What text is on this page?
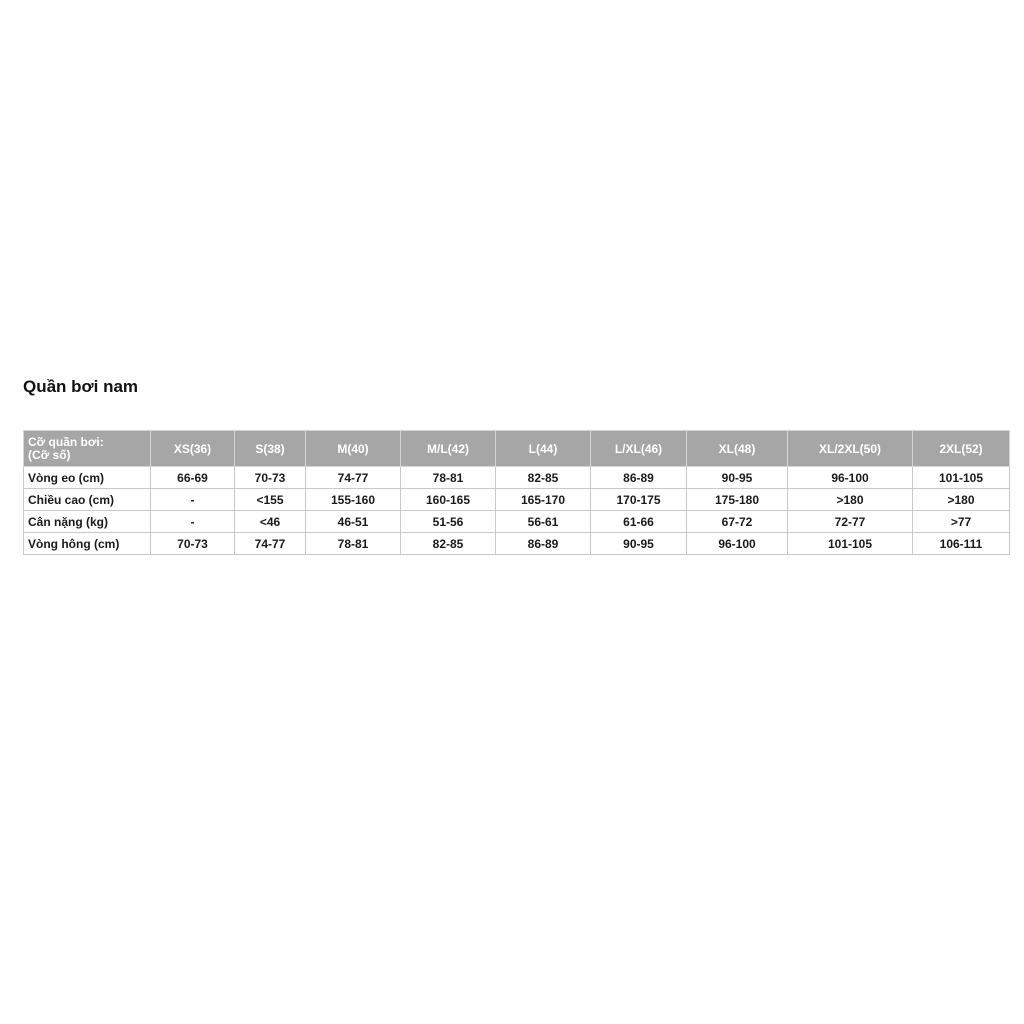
Quần bơi nam
Cỡ quần bơi:
(Cỡ số)	XS(36)	S(38)	M(40)	M/L(42)	L(44)	L/XL(46)	XL(48)	XL/2XL(50)	2XL(52)
Vòng eo (cm)	66-69	70-73	74-77	78-81	82-85	86-89	90-95	96-100	101-105
Chiều cao (cm)	-	<155	155-160	160-165	165-170	170-175	175-180	>180	>180
Cân nặng (kg)	-	<46	46-51	51-56	56-61	61-66	67-72	72-77	>77
Vòng hông (cm)	70-73	74-77	78-81	82-85	86-89	90-95	96-100	101-105	106-111
